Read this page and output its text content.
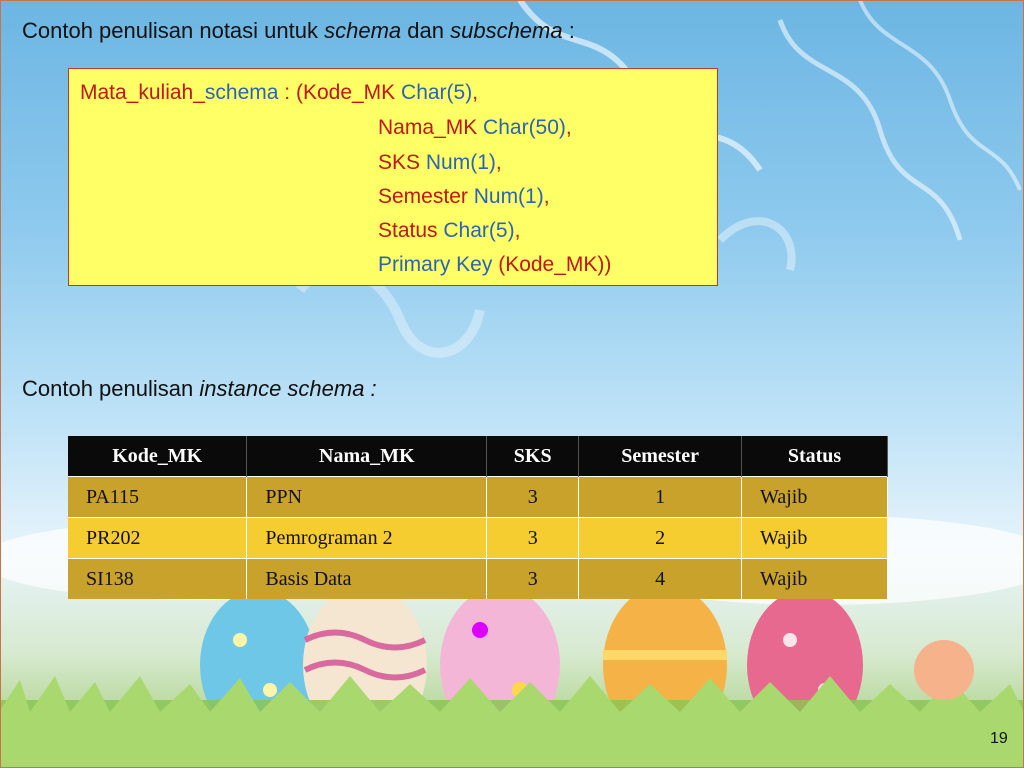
Contoh penulisan notasi untuk schema dan subschema :
Mata_kuliah_schema : (Kode_MK Char(5),
Nama_MK Char(50),
SKS Num(1),
Semester Num(1),
Status Char(5),
Primary Key (Kode_MK))
Contoh penulisan instance schema :
Kode_MK	Nama_MK	SKS	Semester	Status
PA115	PPN	3	1	Wajib
PR202	Pemrograman 2	3	2	Wajib
SI138	Basis Data	3	4	Wajib
19
